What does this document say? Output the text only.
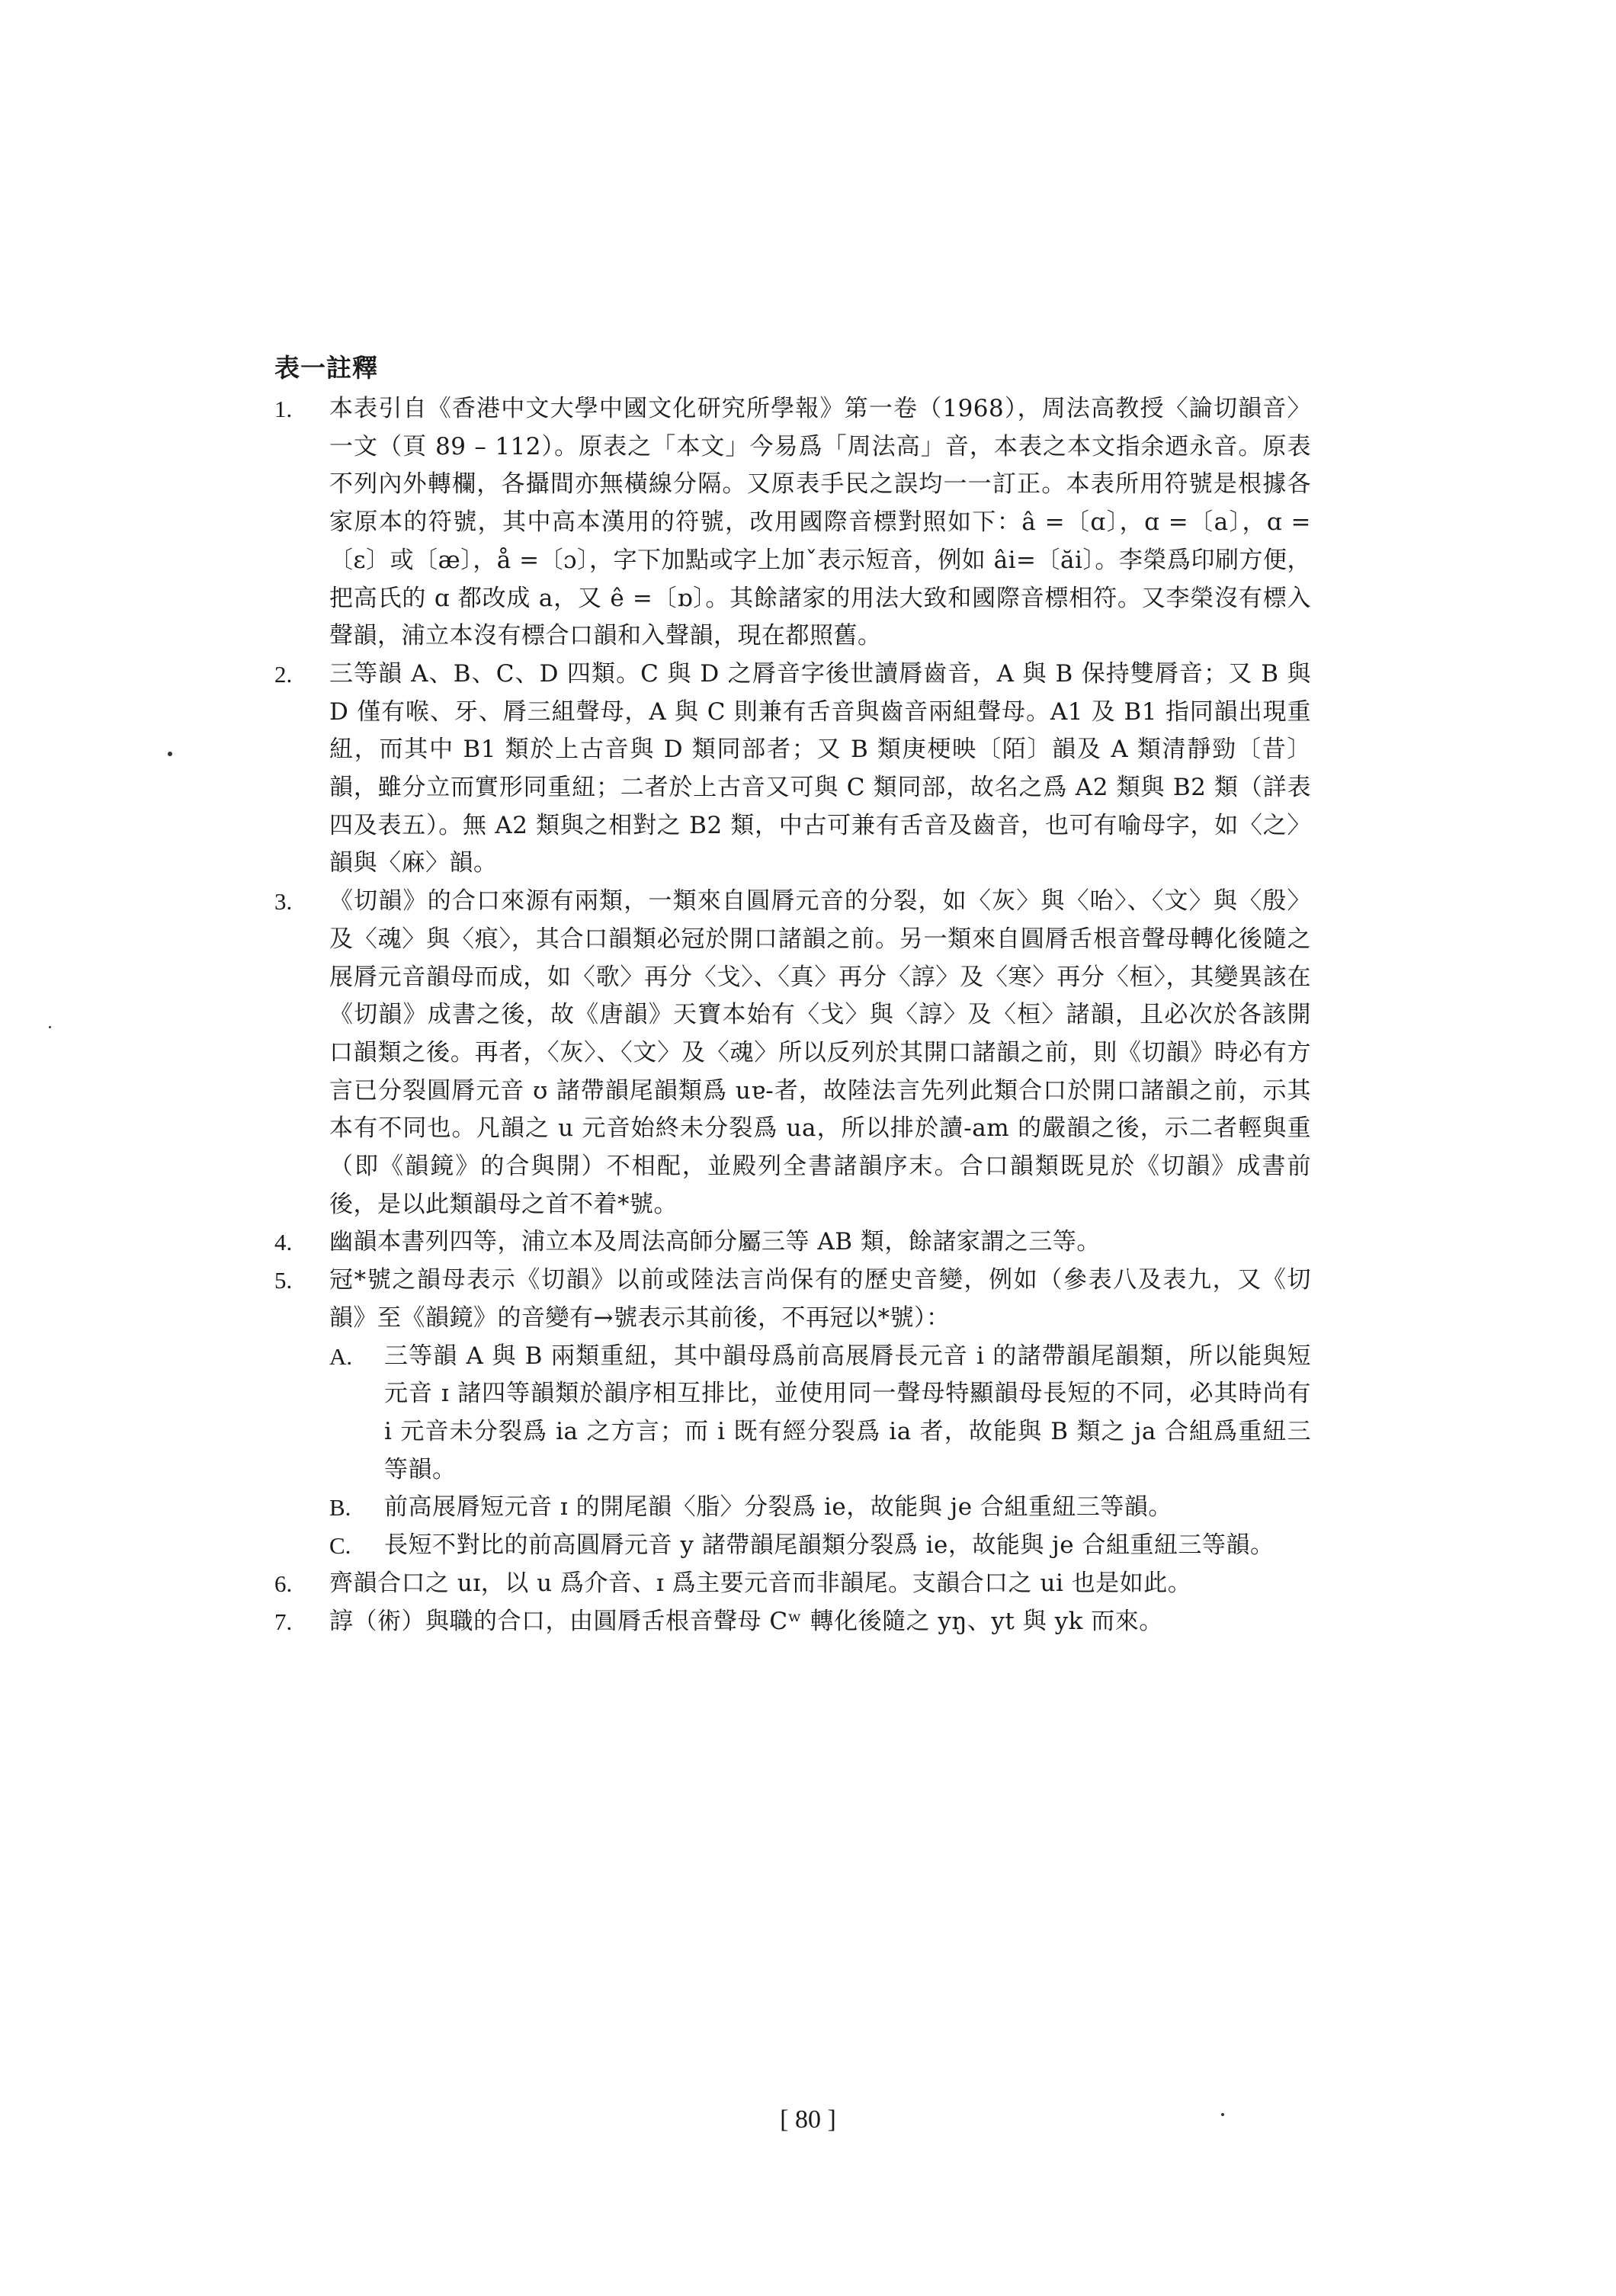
表一註釋
1. 本表引自《香港中文大學中國文化研究所學報》第一卷（1968），周法高教授〈論切韻音〉一文（頁 89 – 112）。原表之「本文」今易爲「周法高」音，本表之本文指余迺永音。原表不列內外轉欄，各攝間亦無橫線分隔。又原表手民之誤均一一訂正。本表所用符號是根據各家原本的符號，其中高本漢用的符號，改用國際音標對照如下：â =〔ɑ〕，ɑ =〔a〕，ɑ =〔ɛ〕或〔æ〕，å =〔ɔ〕，字下加點或字上加ˇ表示短音，例如 âi=〔ăi〕。李榮爲印刷方便，把高氏的 ɑ 都改成 a，又 ê =〔ɒ〕。其餘諸家的用法大致和國際音標相符。又李榮沒有標入聲韻，浦立本沒有標合口韻和入聲韻，現在都照舊。
2. 三等韻 A、B、C、D 四類。C 與 D 之脣音字後世讀脣齒音，A 與 B 保持雙脣音；又 B 與 D 僅有喉、牙、脣三組聲母，A 與 C 則兼有舌音與齒音兩組聲母。A1 及 B1 指同韻出現重紐，而其中 B1 類於上古音與 D 類同部者；又 B 類庚梗映〔陌〕韻及 A 類清靜勁〔昔〕韻，雖分立而實形同重紐；二者於上古音又可與 C 類同部，故名之爲 A2 類與 B2 類（詳表四及表五）。無 A2 類與之相對之 B2 類，中古可兼有舌音及齒音，也可有喻母字，如〈之〉韻與〈麻〉韻。
3. 《切韻》的合口來源有兩類，一類來自圓脣元音的分裂，如〈灰〉與〈咍〉、〈文〉與〈殷〉及〈魂〉與〈痕〉，其合口韻類必冠於開口諸韻之前。另一類來自圓脣舌根音聲母轉化後隨之展脣元音韻母而成，如〈歌〉再分〈戈〉、〈真〉再分〈諄〉及〈寒〉再分〈桓〉，其變異該在《切韻》成書之後，故《唐韻》天寶本始有〈戈〉與〈諄〉及〈桓〉諸韻，且必次於各該開口韻類之後。再者，〈灰〉、〈文〉及〈魂〉所以反列於其開口諸韻之前，則《切韻》時必有方言已分裂圓脣元音 ʊ 諸帶韻尾韻類爲 uɐ-者，故陸法言先列此類合口於開口諸韻之前，示其本有不同也。凡韻之 u 元音始終未分裂爲 ua，所以排於讀-am 的嚴韻之後，示二者輕與重（即《韻鏡》的合與開）不相配，並殿列全書諸韻序末。合口韻類既見於《切韻》成書前後，是以此類韻母之首不着*號。
4. 幽韻本書列四等，浦立本及周法高師分屬三等 AB 類，餘諸家謂之三等。
5. 冠*號之韻母表示《切韻》以前或陸法言尚保有的歷史音變，例如（參表八及表九，又《切韻》至《韻鏡》的音變有→號表示其前後，不再冠以*號）：
A. 三等韻 A 與 B 兩類重紐，其中韻母爲前高展脣長元音 i 的諸帶韻尾韻類，所以能與短元音 ɪ 諸四等韻類於韻序相互排比，並使用同一聲母特顯韻母長短的不同，必其時尚有 i 元音未分裂爲 ia 之方言；而 i 既有經分裂爲 ia 者，故能與 B 類之 ja 合組爲重紐三等韻。
B. 前高展脣短元音 ɪ 的開尾韻〈脂〉分裂爲 ie，故能與 je 合組重紐三等韻。
C. 長短不對比的前高圓脣元音 y 諸帶韻尾韻類分裂爲 ie，故能與 je 合組重紐三等韻。
6. 齊韻合口之 uɪ，以 u 爲介音、ɪ 爲主要元音而非韻尾。支韻合口之 ui 也是如此。
7. 諄（術）與職的合口，由圓脣舌根音聲母 Cʷ 轉化後隨之 yŋ、yt 與 yk 而來。
[ 80 ]
